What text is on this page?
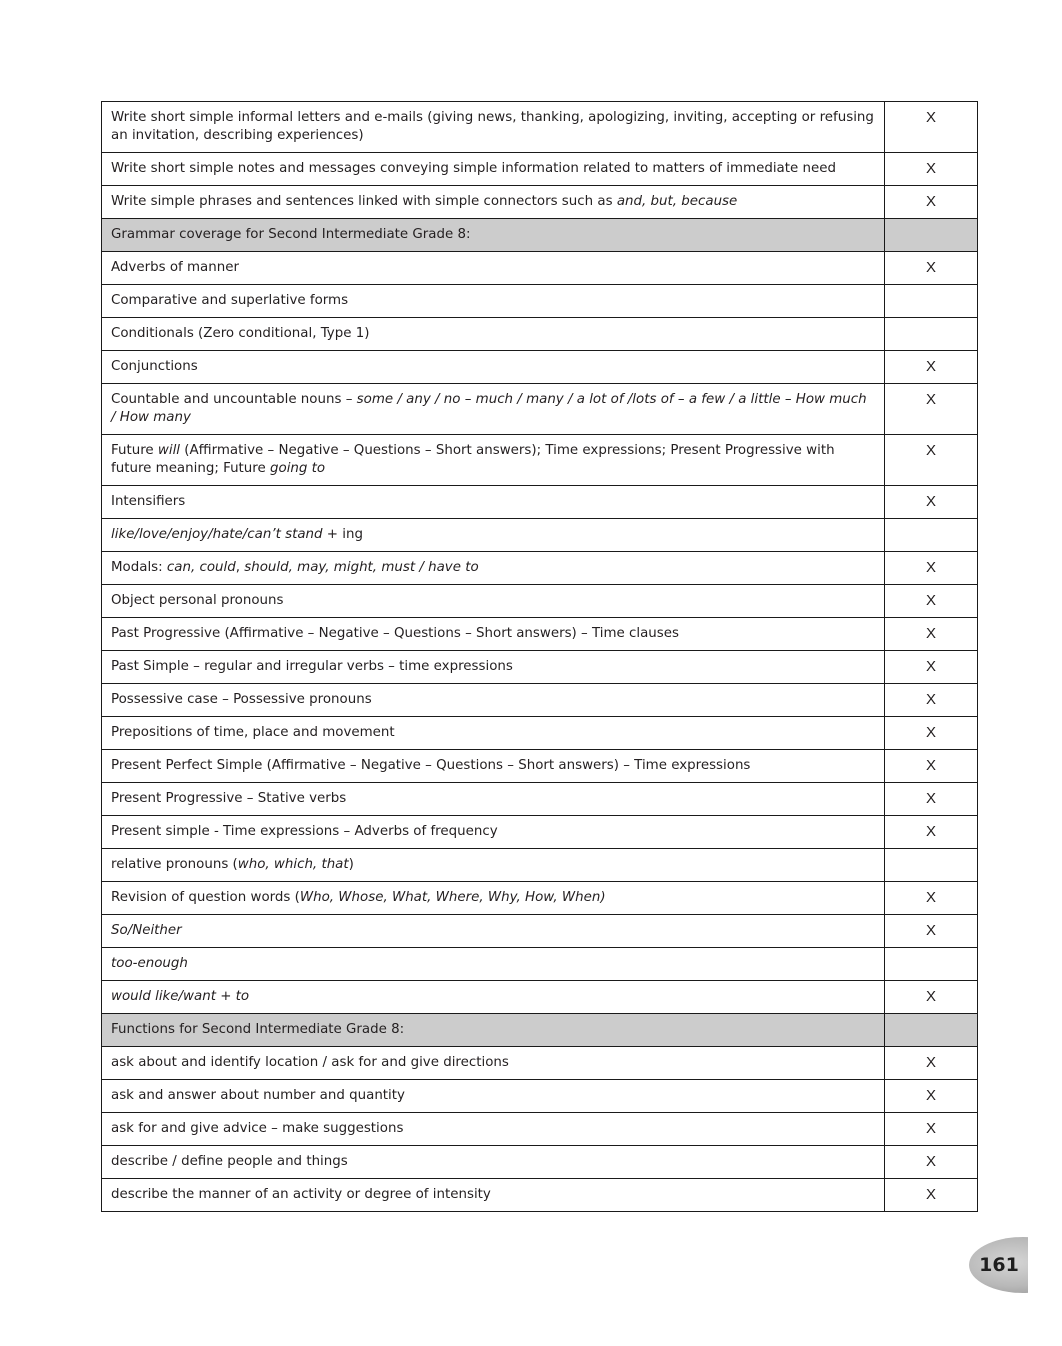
Write short simple informal letters and e-mails (giving news, thanking, apologizing, inviting, accepting or refusing an invitation, describing experiences)	X
Write short simple notes and messages conveying simple information related to matters of immediate need	X
Write simple phrases and sentences linked with simple connectors such as and, but, because	X
Grammar coverage for Second Intermediate Grade 8:	
Adverbs of manner	X
Comparative and superlative forms	
Conditionals (Zero conditional, Type 1)	
Conjunctions	X
Countable and uncountable nouns – some / any / no – much / many / a lot of /lots of – a few / a little – How much / How many	X
Future will (Affirmative – Negative – Questions – Short answers); Time expressions; Present Progressive with future meaning; Future going to	X
Intensifiers	X
like/love/enjoy/hate/can’t stand + ing	
Modals: can, could, should, may, might, must / have to	X
Object personal pronouns	X
Past Progressive (Affirmative – Negative – Questions – Short answers) – Time clauses	X
Past Simple – regular and irregular verbs – time expressions	X
Possessive case – Possessive pronouns	X
Prepositions of time, place and movement	X
Present Perfect Simple (Affirmative – Negative – Questions – Short answers) – Time expressions	X
Present Progressive – Stative verbs	X
Present simple - Time expressions – Adverbs of frequency	X
relative pronouns (who, which, that)	
Revision of question words (Who, Whose, What, Where, Why, How, When)	X
So/Neither	X
too-enough	
would like/want + to	X
Functions for Second Intermediate Grade 8:	
ask about and identify location / ask for and give directions	X
ask and answer about number and quantity	X
ask for and give advice – make suggestions	X
describe / define people and things	X
describe the manner of an activity or degree of intensity	X
161
